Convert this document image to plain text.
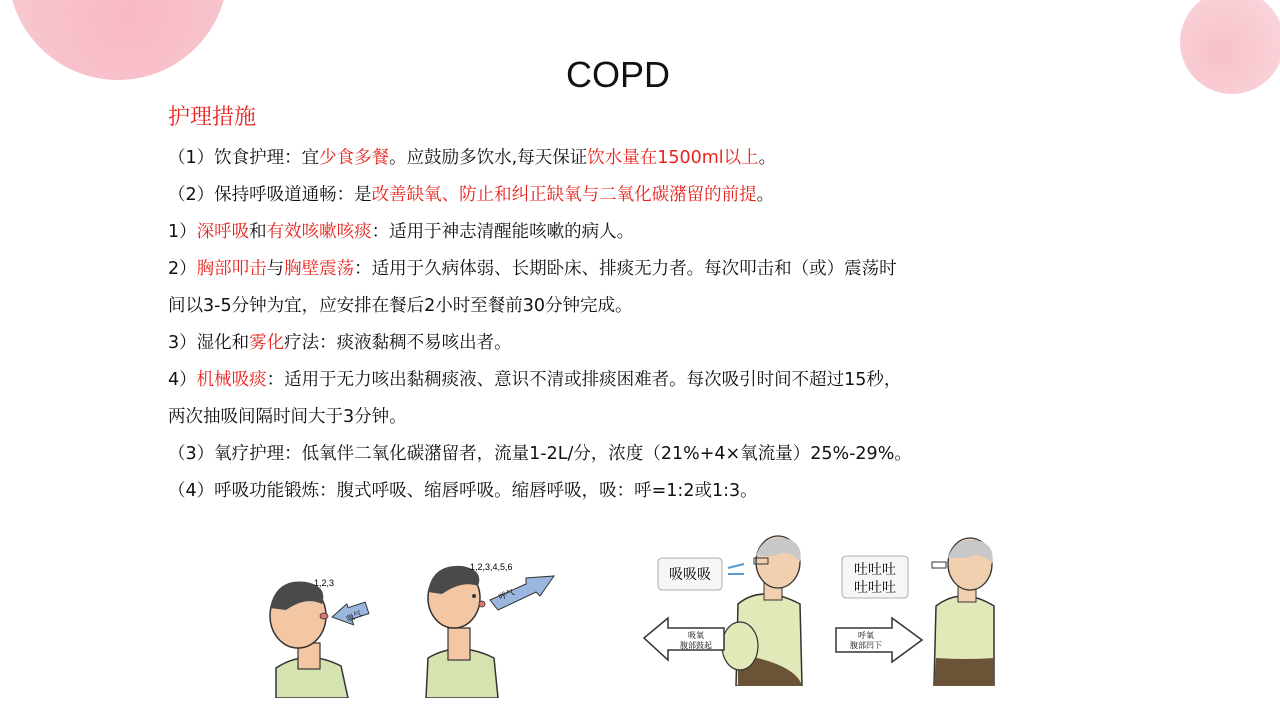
COPD
护理措施

（1）饮食护理：宜少食多餐。应鼓励多饮水,每天保证饮水量在1500ml以上。

（2）保持呼吸道通畅：是改善缺氧、防止和纠正缺氧与二氧化碳潴留的前提。

1）深呼吸和有效咳嗽咳痰：适用于神志清醒能咳嗽的病人。

2）胸部叩击与胸壁震荡：适用于久病体弱、长期卧床、排痰无力者。每次叩击和（或）震荡时

间以3-5分钟为宜，应安排在餐后2小时至餐前30分钟完成。

3）湿化和雾化疗法：痰液黏稠不易咳出者。

4）机械吸痰：适用于无力咳出黏稠痰液、意识不清或排痰困难者。每次吸引时间不超过15秒，

两次抽吸间隔时间大于3分钟。

（3）氧疗护理：低氧伴二氧化碳潴留者，流量1-2L/分，浓度（21%+4×氧流量）25%-29%。

（4）呼吸功能锻炼：腹式呼吸、缩唇呼吸。缩唇呼吸，吸：呼=1:2或1:3。

1,2,3
吸气
1,2,3,4,5,6
呼气
吸吸吸
吸氧
腹部鼓起
吐吐吐
吐吐吐
呼氧
腹部凹下
